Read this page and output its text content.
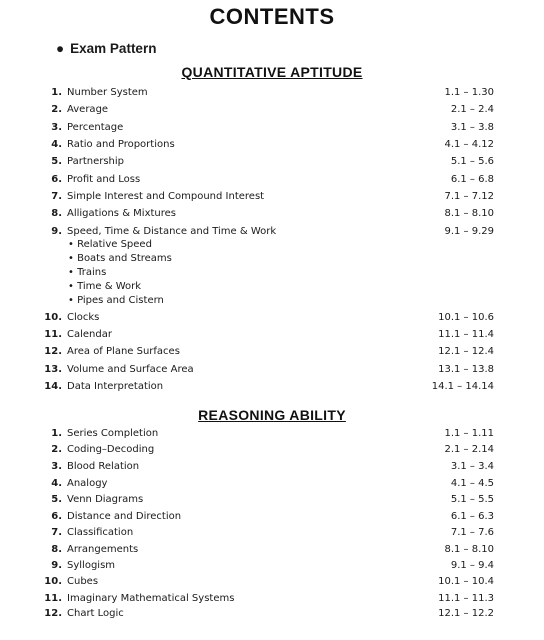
CONTENTS
● Exam Pattern
QUANTITATIVE APTITUDE
1. Number System	1.1 – 1.30
2. Average	2.1 – 2.4
3. Percentage	3.1 – 3.8
4. Ratio and Proportions	4.1 – 4.12
5. Partnership	5.1 – 5.6
6. Profit and Loss	6.1 – 6.8
7. Simple Interest and Compound Interest	7.1 – 7.12
8. Alligations & Mixtures	8.1 – 8.10
9. Speed, Time & Distance and Time & Work	9.1 – 9.29
• Relative Speed
• Boats and Streams
• Trains
• Time & Work
• Pipes and Cistern
10. Clocks	10.1 – 10.6
11. Calendar	11.1 – 11.4
12. Area of Plane Surfaces	12.1 – 12.4
13. Volume and Surface Area	13.1 – 13.8
14. Data Interpretation	14.1 – 14.14
REASONING ABILITY
1. Series Completion	1.1 – 1.11
2. Coding–Decoding	2.1 – 2.14
3. Blood Relation	3.1 – 3.4
4. Analogy	4.1 – 4.5
5. Venn Diagrams	5.1 – 5.5
6. Distance and Direction	6.1 – 6.3
7. Classification	7.1 – 7.6
8. Arrangements	8.1 – 8.10
9. Syllogism	9.1 – 9.4
10. Cubes	10.1 – 10.4
11. Imaginary Mathematical Systems	11.1 – 11.3
12. Chart Logic	12.1 – 12.2
